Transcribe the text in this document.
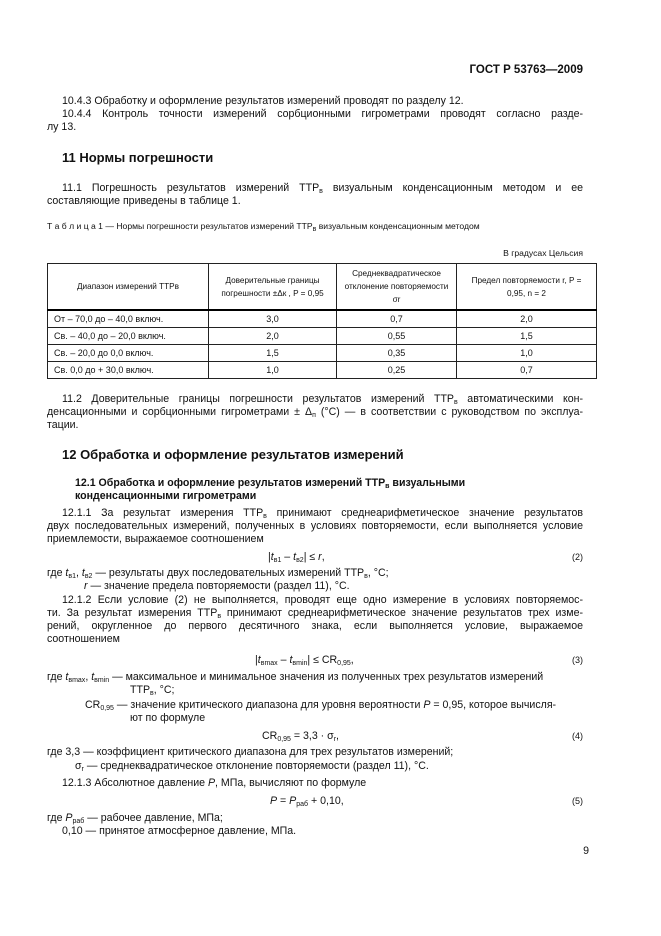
ГОСТ Р 53763—2009
10.4.3 Обработку и оформление результатов измерений проводят по разделу 12.
10.4.4 Контроль точности измерений сорбционными гигрометрами проводят согласно разде-
лу 13.
11 Нормы погрешности
11.1 Погрешность результатов измерений $ТТР_в$ визуальным конденсационным методом и ее
составляющие приведены в таблице 1.
Т а б л и ц а 1 — Нормы погрешности результатов измерений $ТТР_в$ визуальным конденсационным методом
В градусах Цельсия
Диапазон измерений ТТРв	Доверительные границы погрешности ±Δк , P = 0,95	Среднеквадратическое отклонение повторяемости σr	Предел повторяемости r, P = 0,95, n = 2
От – 70,0 до – 40,0 включ.	3,0	0,7	2,0
Св. – 40,0 до – 20,0 включ.	2,0	0,55	1,5
Св. – 20,0 до 0,0 включ.	1,5	0,35	1,0
Св. 0,0 до + 30,0 включ.	1,0	0,25	0,7
11.2 Доверительные границы погрешности результатов измерений $ТТР_в$ автоматическими кон-
денсационными и сорбционными гигрометрами ± $\Delta_п$ (°С) — в соответствии с руководством по эксплуа-
тации.
12 Обработка и оформление результатов измерений
12.1 Обработка и оформление результатов измерений $ТТР_в$ визуальными
конденсационными гигрометрами
12.1.1 За результат измерения $ТТР_в$ принимают среднеарифметическое значение результатов
двух последовательных измерений, полученных в условиях повторяемости, если выполняется условие
приемлемости, выражаемое соотношением
$|t_{в1} - t_{в2}| \le r$,	(2)
где $t_{в1}$, $t_{в2}$ — результаты двух последовательных измерений $ТТР_в$, °С;
r — значение предела повторяемости (раздел 11), °С.
12.1.2 Если условие (2) не выполняется, проводят еще одно измерение в условиях повторяемос-
ти. За результат измерения $ТТР_в$ принимают среднеарифметическое значение результатов трех изме-
рений, округленное до первого десятичного знака, если выполняется условие, выражаемое
соотношением
$|t_{вmax} - t_{вmin}| \le CR_{0,95}$,	(3)
где $t_{вmax}$, $t_{вmin}$ — максимальное и минимальное значения из полученных трех результатов измерений
$ТТР_в$, °С;
$CR_{0,95}$ — значение критического диапазона для уровня вероятности P = 0,95, которое вычисля-
ют по формуле
$CR_{0,95} = 3,3 \cdot \sigma_r$,	(4)
где 3,3 — коэффициент критического диапазона для трех результатов измерений;
$\sigma_r$ — среднеквадратическое отклонение повторяемости (раздел 11), °С.
12.1.3 Абсолютное давление P, МПа, вычисляют по формуле
$P = P_{раб} + 0,10$,	(5)
где $P_{раб}$ — рабочее давление, МПа;
0,10 — принятое атмосферное давление, МПа.
9
